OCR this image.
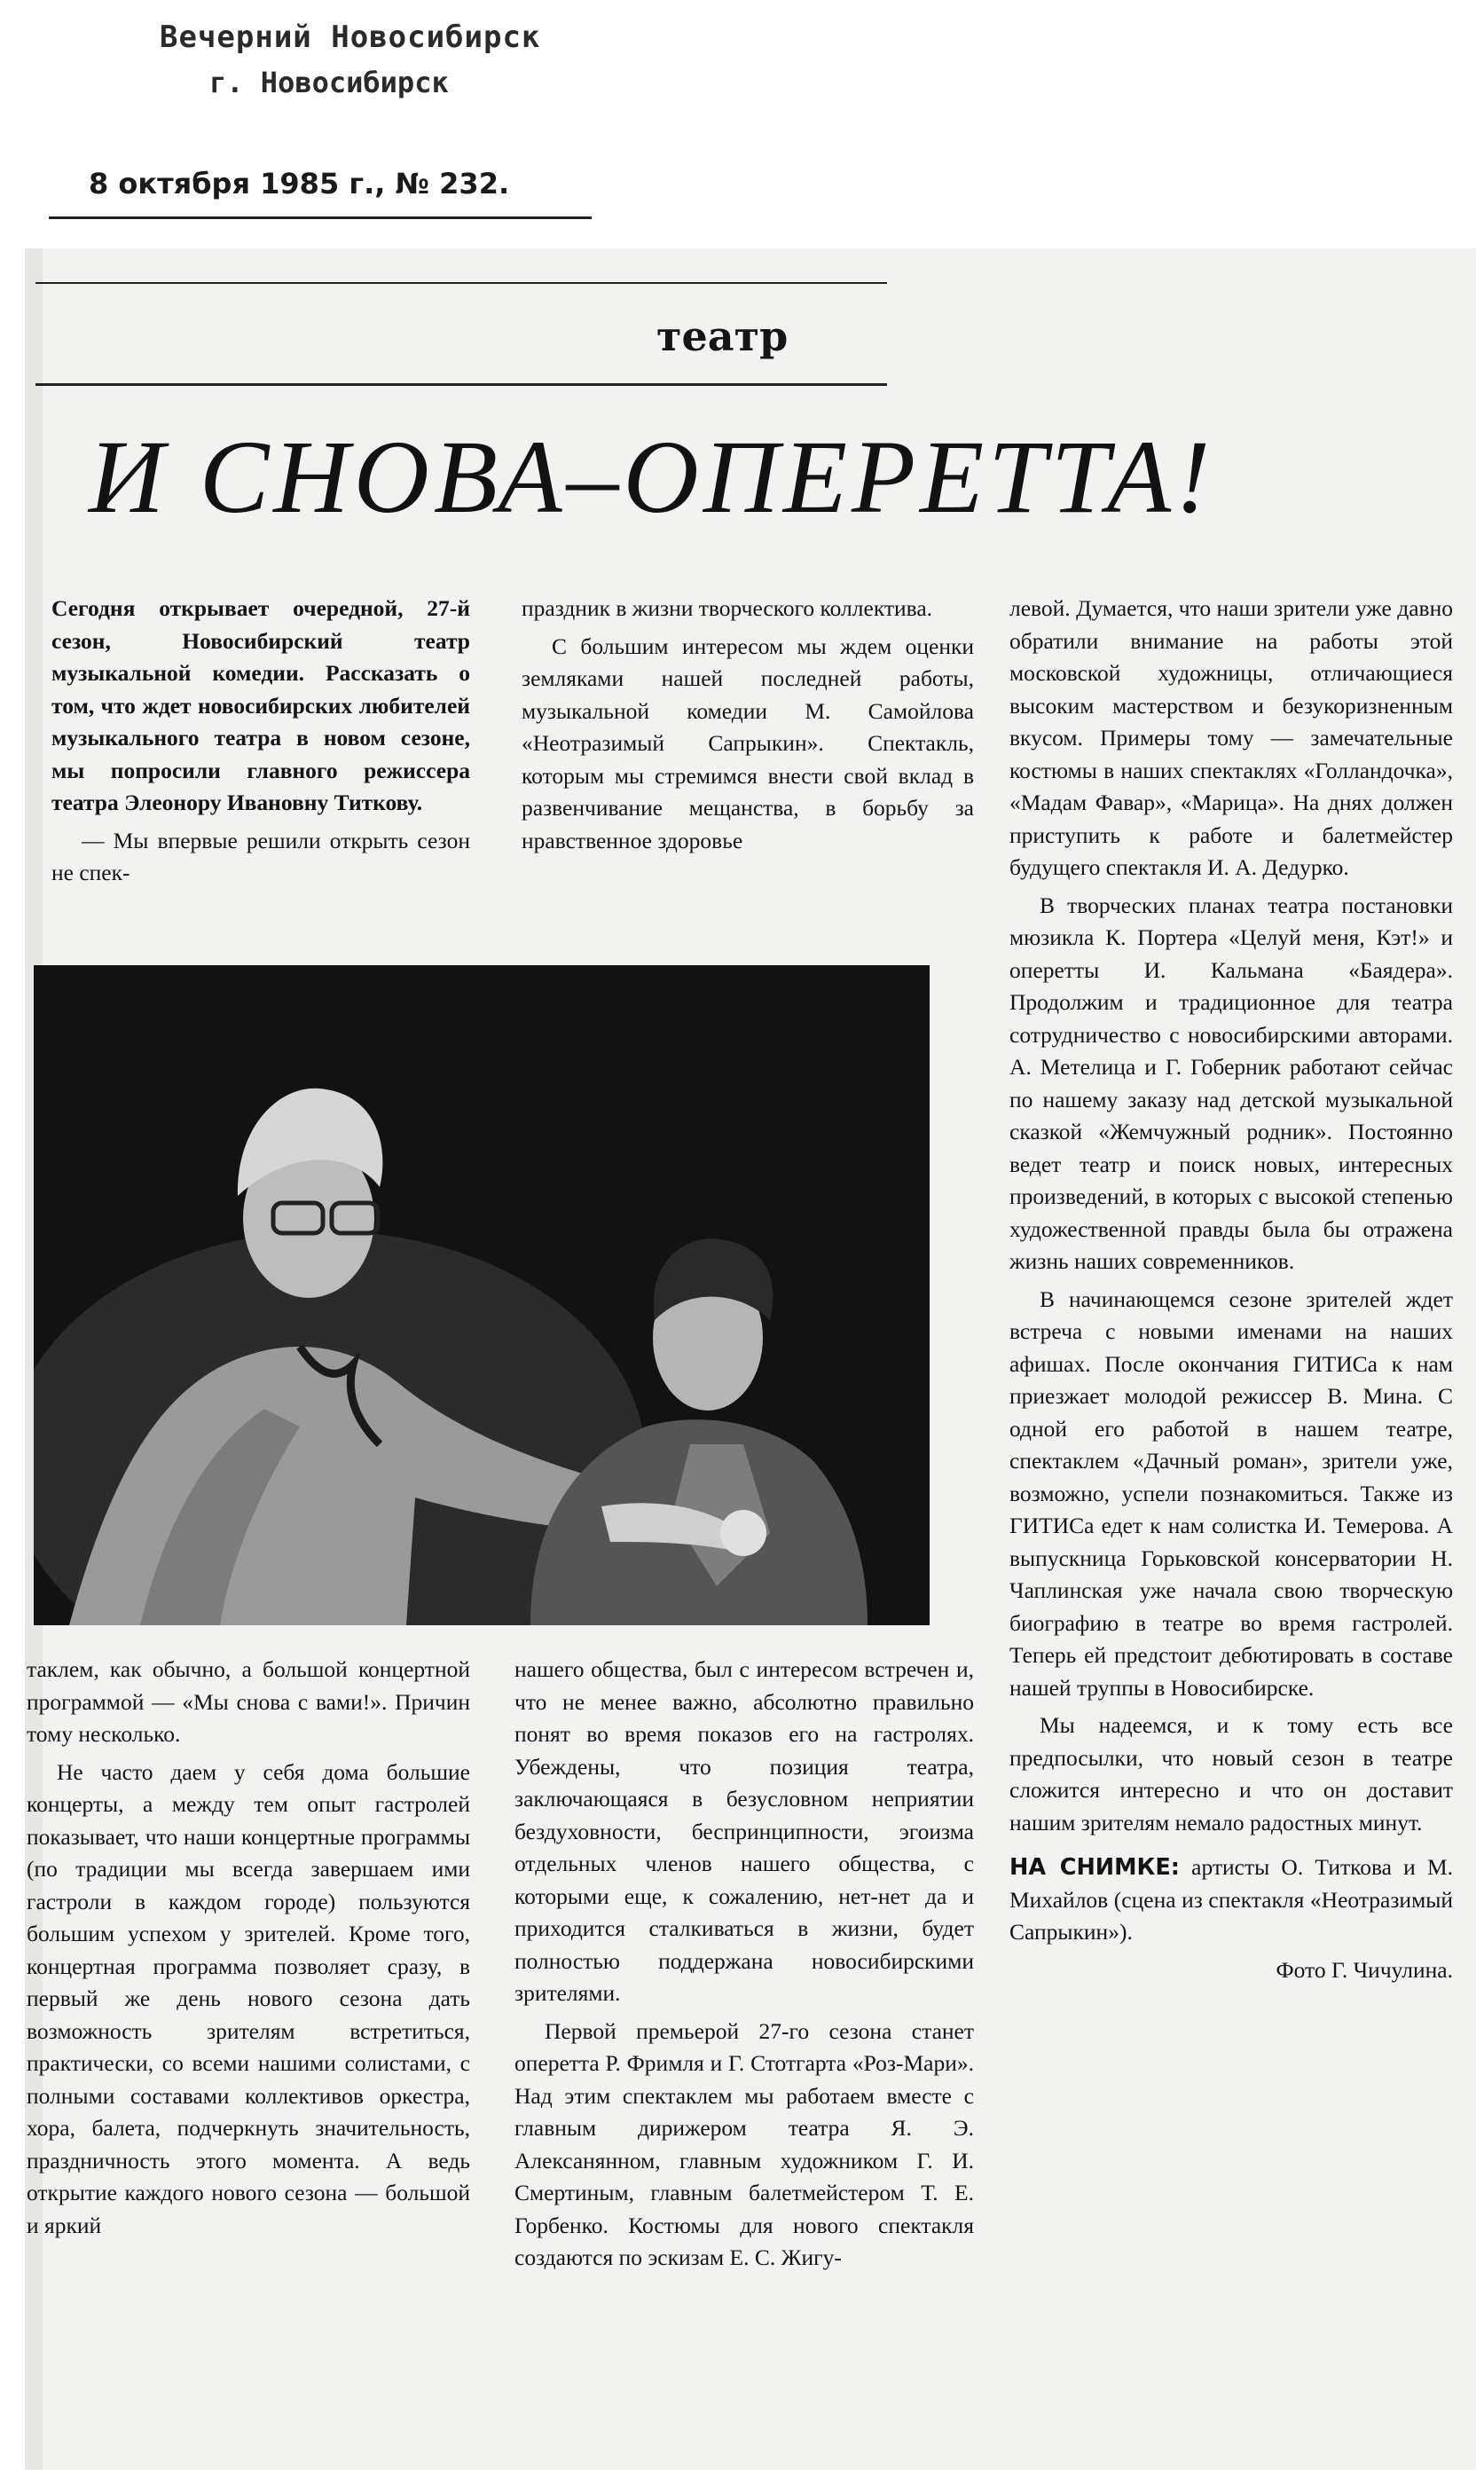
Вечерний Новосибирск
г. Новосибирск
8 октября 1985 г., № 232.
театр
И СНОВА–ОПЕРЕТТА!

Сегодня открывает очередной, 27-й сезон, Новосибирский театр музыкальной комедии. Рассказать о том, что ждет новосибирских любителей музыкального театра в новом сезоне, мы попросили главного режиссера театра Элеонору Ивановну Титкову.

— Мы впервые решили открыть сезон не спек-

праздник в жизни творческого коллектива.

С большим интересом мы ждем оценки земляками нашей последней работы, музыкальной комедии М. Самойлова «Неотразимый Сапрыкин». Спектакль, которым мы стремимся внести свой вклад в развенчивание мещанства, в борьбу за нравственное здоровье

левой. Думается, что наши зрители уже давно обратили внимание на работы этой московской художницы, отличающиеся высоким мастерством и безукоризненным вкусом. Примеры тому — замечательные костюмы в наших спектаклях «Голландочка», «Мадам Фавар», «Марица». На днях должен приступить к работе и балетмейстер будущего спектакля И. А. Дедурко.

В творческих планах театра постановки мюзикла К. Портера «Целуй меня, Кэт!» и оперетты И. Кальмана «Баядера». Продолжим и традиционное для театра сотрудничество с новосибирскими авторами. А. Метелица и Г. Гоберник работают сейчас по нашему заказу над детской музыкальной сказкой «Жемчужный родник». Постоянно ведет театр и поиск новых, интересных произведений, в которых с высокой степенью художественной правды была бы отражена жизнь наших современников.

В начинающемся сезоне зрителей ждет встреча с новыми именами на наших афишах. После окончания ГИТИСа к нам приезжает молодой режиссер В. Мина. С одной его работой в нашем театре, спектаклем «Дачный роман», зрители уже, возможно, успели познакомиться. Также из ГИТИСа едет к нам солистка И. Темерова. А выпускница Горьковской консерватории Н. Чаплинская уже начала свою творческую биографию в театре во время гастролей. Теперь ей предстоит дебютировать в составе нашей труппы в Новосибирске.

Мы надеемся, и к тому есть все предпосылки, что новый сезон в театре сложится интересно и что он доставит нашим зрителям немало радостных минут.

НА СНИМКЕ: артисты О. Титкова и М. Михайлов (сцена из спектакля «Неотразимый Сапрыкин»).

Фото Г. Чичулина.

таклем, как обычно, а большой концертной программой — «Мы снова с вами!». Причин тому несколько.

Не часто даем у себя дома большие концерты, а между тем опыт гастролей показывает, что наши концертные программы (по традиции мы всегда завершаем ими гастроли в каждом городе) пользуются большим успехом у зрителей. Кроме того, концертная программа позволяет сразу, в первый же день нового сезона дать возможность зрителям встретиться, практически, со всеми нашими солистами, с полными составами коллективов оркестра, хора, балета, подчеркнуть значительность, праздничность этого момента. А ведь открытие каждого нового сезона — большой и яркий

нашего общества, был с интересом встречен и, что не менее важно, абсолютно правильно понят во время показов его на гастролях. Убеждены, что позиция театра, заключающаяся в безусловном неприятии бездуховности, беспринципности, эгоизма отдельных членов нашего общества, с которыми еще, к сожалению, нет-нет да и приходится сталкиваться в жизни, будет полностью поддержана новосибирскими зрителями.

Первой премьерой 27-го сезона станет оперетта Р. Фримля и Г. Стотгарта «Роз-Мари». Над этим спектаклем мы работаем вместе с главным дирижером театра Я. Э. Алексанянном, главным художником Г. И. Смертиным, главным балетмейстером Т. Е. Горбенко. Костюмы для нового спектакля создаются по эскизам Е. С. Жигу-
